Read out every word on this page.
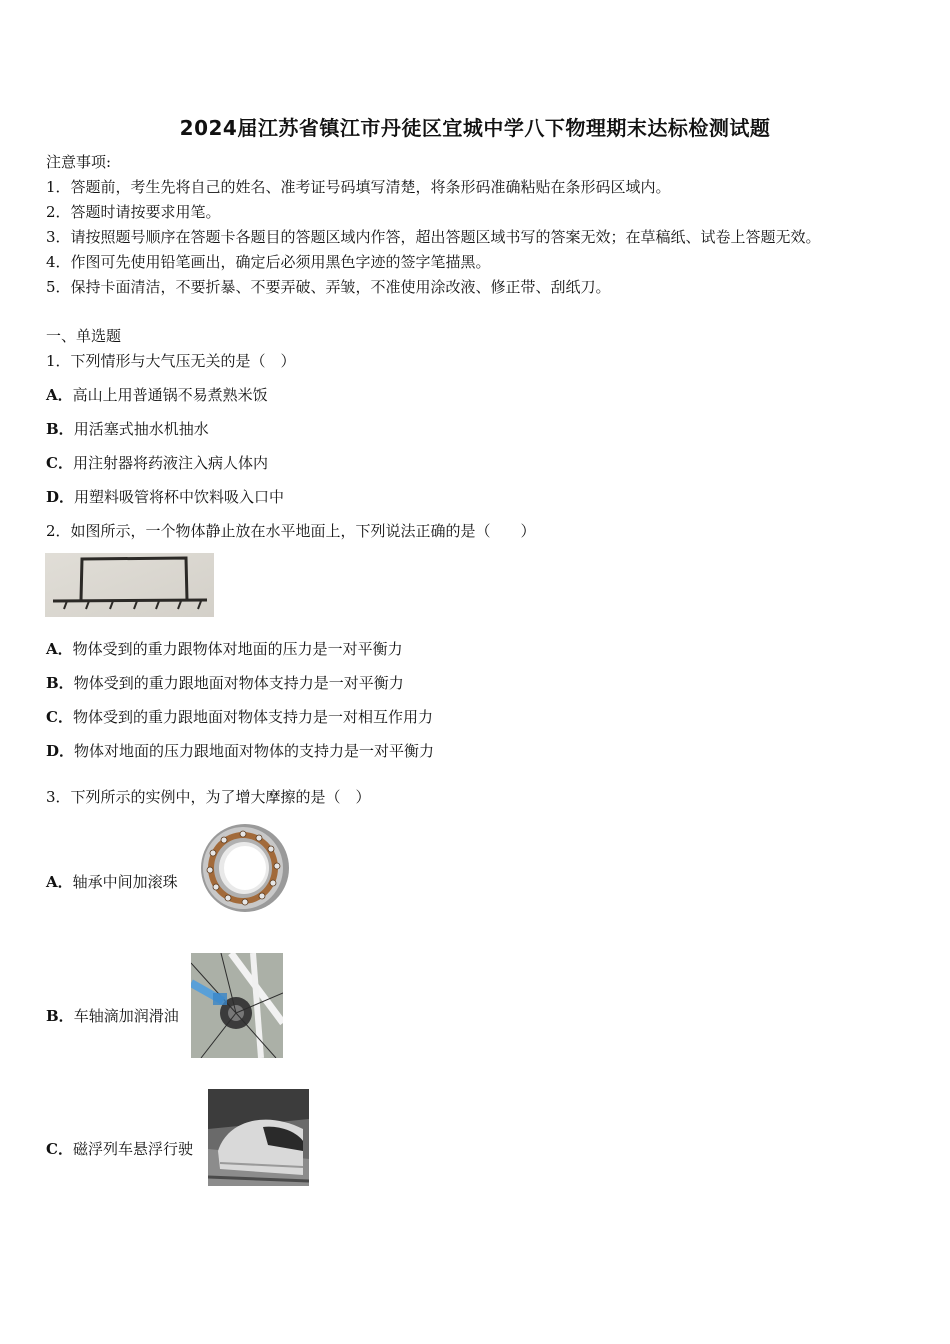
2024届江苏省镇江市丹徒区宜城中学八下物理期末达标检测试题
注意事项:
1．答题前，考生先将自己的姓名、准考证号码填写清楚，将条形码准确粘贴在条形码区域内。
2．答题时请按要求用笔。
3．请按照题号顺序在答题卡各题目的答题区域内作答，超出答题区域书写的答案无效；在草稿纸、试卷上答题无效。
4．作图可先使用铅笔画出，确定后必须用黑色字迹的签字笔描黑。
5．保持卡面清洁，不要折暴、不要弄破、弄皱，不准使用涂改液、修正带、刮纸刀。
一、单选题
1．下列情形与大气压无关的是（　）
A．高山上用普通锅不易煮熟米饭
B．用活塞式抽水机抽水
C．用注射器将药液注入病人体内
D．用塑料吸管将杯中饮料吸入口中
2．如图所示，一个物体静止放在水平地面上，下列说法正确的是（　　）
A．物体受到的重力跟物体对地面的压力是一对平衡力
B．物体受到的重力跟地面对物体支持力是一对平衡力
C．物体受到的重力跟地面对物体支持力是一对相互作用力
D．物体对地面的压力跟地面对物体的支持力是一对平衡力
3．下列所示的实例中，为了增大摩擦的是（　）
A．轴承中间加滚珠
B．车轴滴加润滑油
C．磁浮列车悬浮行驶
